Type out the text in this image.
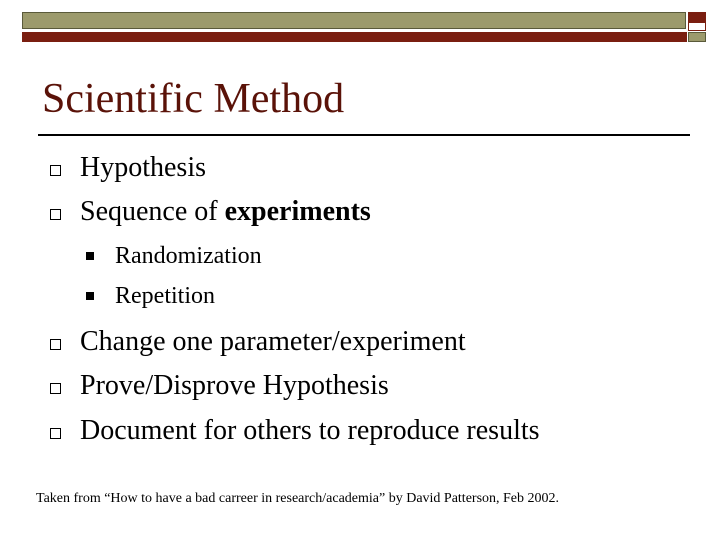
Scientific Method
Hypothesis
Sequence of experiments
Randomization
Repetition
Change one parameter/experiment
Prove/Disprove Hypothesis
Document for others to reproduce results
Taken from “How to have a bad carreer in research/academia” by David Patterson, Feb 2002.
